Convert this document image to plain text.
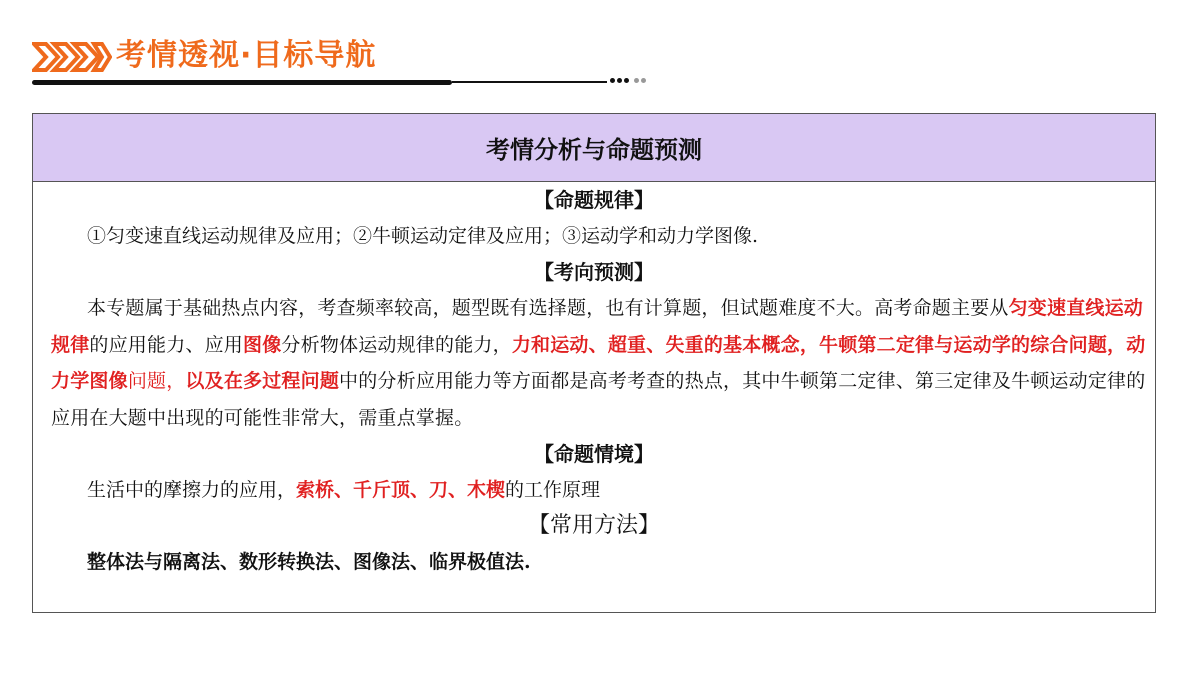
考情透视·目标导航
考情分析与命题预测
【命题规律】
①匀变速直线运动规律及应用；②牛顿运动定律及应用；③运动学和动力学图像.
【考向预测】
本专题属于基础热点内容，考查频率较高，题型既有选择题，也有计算题，但试题难度不大。高考命题主要从匀变速直线运动规律的应用能力、应用图像分析物体运动规律的能力，力和运动、超重、失重的基本概念，牛顿第二定律与运动学的综合问题，动力学图像问题，以及在多过程问题中的分析应用能力等方面都是高考考查的热点，其中牛顿第二定律、第三定律及牛顿运动定律的应用在大题中出现的可能性非常大，需重点掌握。
【命题情境】
生活中的摩擦力的应用，索桥、千斤顶、刀、木楔的工作原理
【常用方法】
整体法与隔离法、数形转换法、图像法、临界极值法.
